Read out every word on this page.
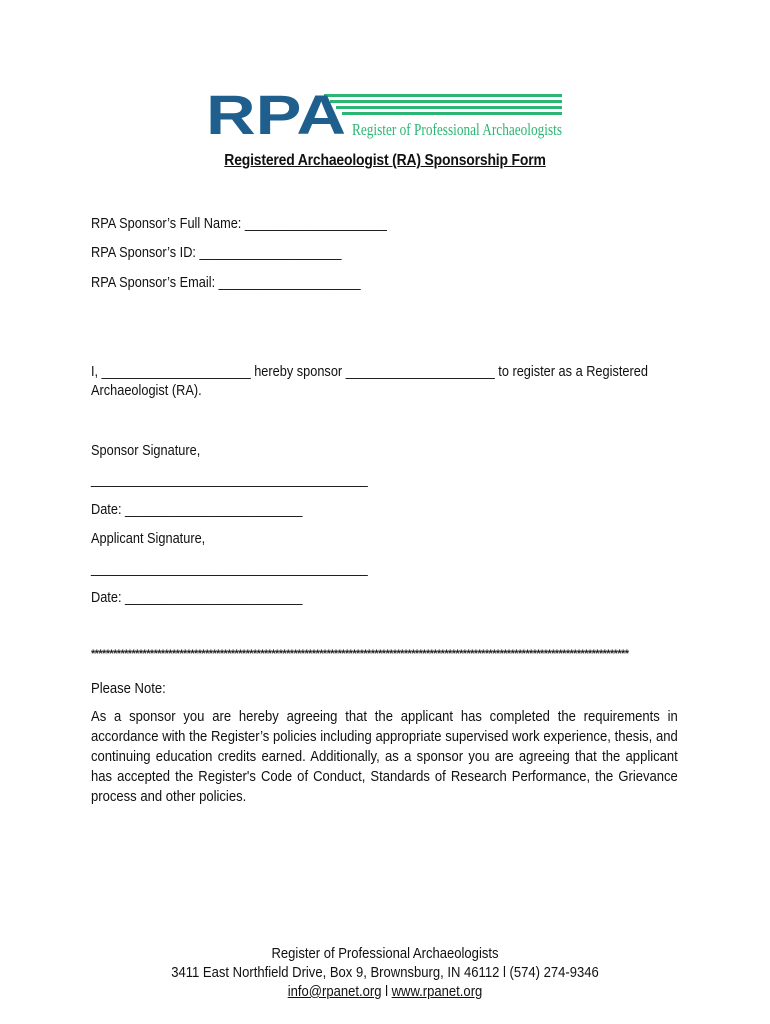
RPA Register of Professional Archaeologists
Registered Archaeologist (RA) Sponsorship Form
RPA Sponsor’s Full Name: ____________________
RPA Sponsor’s ID: ____________________
RPA Sponsor’s Email: ____________________
I, _____________________ hereby sponsor _____________________ to register as a Registered
Archaeologist (RA).
Sponsor Signature,
_______________________________________
Date: _________________________
Applicant Signature,
_______________________________________
Date: _________________________
**************************************************************************************************************************************************
Please Note:
As a sponsor you are hereby agreeing that the applicant has completed the requirements in accordance with the Register’s policies including appropriate supervised work experience, thesis, and continuing education credits earned. Additionally, as a sponsor you are agreeing that the applicant has accepted the Register's Code of Conduct, Standards of Research Performance, the Grievance process and other policies.
Register of Professional Archaeologists
3411 East Northfield Drive, Box 9, Brownsburg, IN 46112 l (574) 274-9346
info@rpanet.org l www.rpanet.org
